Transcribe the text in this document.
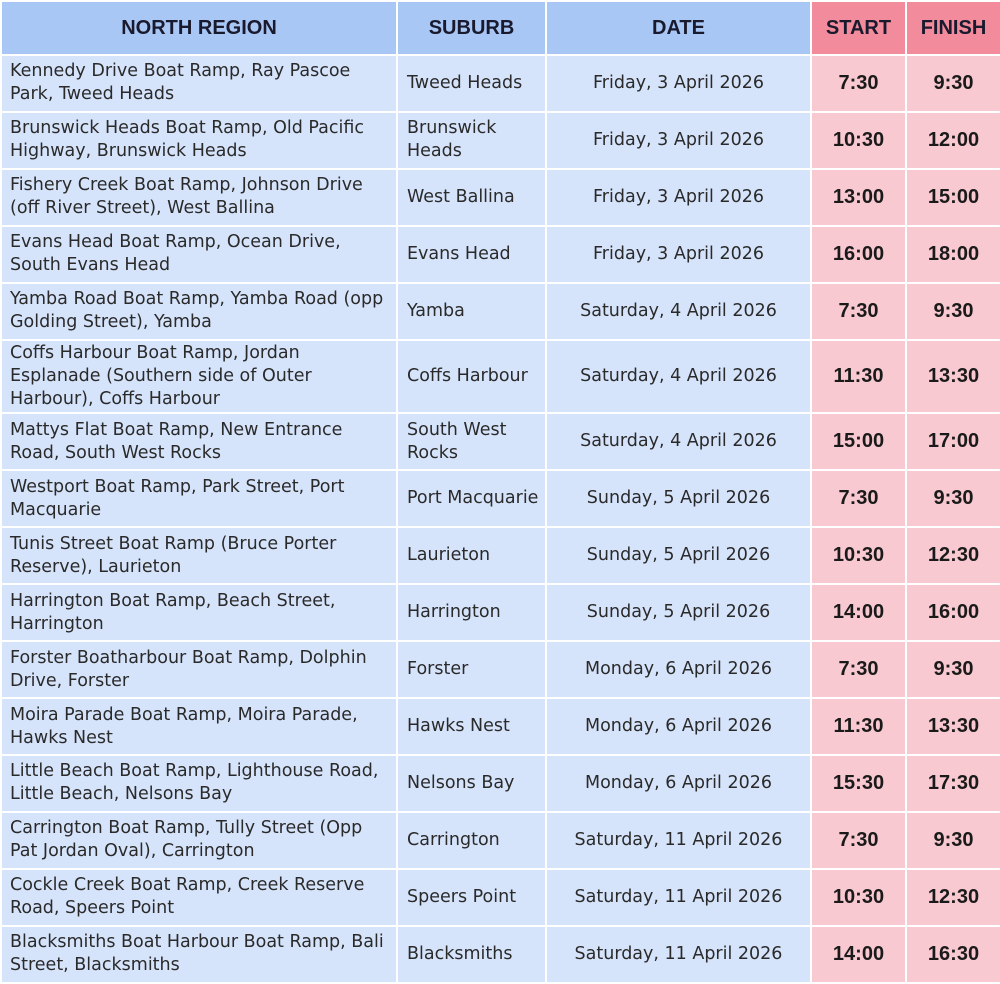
NORTH REGION	SUBURB	DATE	START	FINISH
Kennedy Drive Boat Ramp, Ray Pascoe Park, Tweed Heads	Tweed Heads	Friday, 3 April 2026	7:30	9:30
Brunswick Heads Boat Ramp, Old Pacific Highway, Brunswick Heads	Brunswick Heads	Friday, 3 April 2026	10:30	12:00
Fishery Creek Boat Ramp, Johnson Drive (off River Street), West Ballina	West Ballina	Friday, 3 April 2026	13:00	15:00
Evans Head Boat Ramp, Ocean Drive, South Evans Head	Evans Head	Friday, 3 April 2026	16:00	18:00
Yamba Road Boat Ramp, Yamba Road (opp Golding Street), Yamba	Yamba	Saturday, 4 April 2026	7:30	9:30
Coffs Harbour Boat Ramp, Jordan Esplanade (Southern side of Outer Harbour), Coffs Harbour	Coffs Harbour	Saturday, 4 April 2026	11:30	13:30
Mattys Flat Boat Ramp, New Entrance Road, South West Rocks	South West Rocks	Saturday, 4 April 2026	15:00	17:00
Westport Boat Ramp, Park Street, Port Macquarie	Port Macquarie	Sunday, 5 April 2026	7:30	9:30
Tunis Street Boat Ramp (Bruce Porter Reserve), Laurieton	Laurieton	Sunday, 5 April 2026	10:30	12:30
Harrington Boat Ramp, Beach Street, Harrington	Harrington	Sunday, 5 April 2026	14:00	16:00
Forster Boatharbour Boat Ramp, Dolphin Drive, Forster	Forster	Monday, 6 April 2026	7:30	9:30
Moira Parade Boat Ramp, Moira Parade, Hawks Nest	Hawks Nest	Monday, 6 April 2026	11:30	13:30
Little Beach Boat Ramp, Lighthouse Road, Little Beach, Nelsons Bay	Nelsons Bay	Monday, 6 April 2026	15:30	17:30
Carrington Boat Ramp, Tully Street (Opp Pat Jordan Oval), Carrington	Carrington	Saturday, 11 April 2026	7:30	9:30
Cockle Creek Boat Ramp, Creek Reserve Road, Speers Point	Speers Point	Saturday, 11 April 2026	10:30	12:30
Blacksmiths Boat Harbour Boat Ramp, Bali Street, Blacksmiths	Blacksmiths	Saturday, 11 April 2026	14:00	16:30
